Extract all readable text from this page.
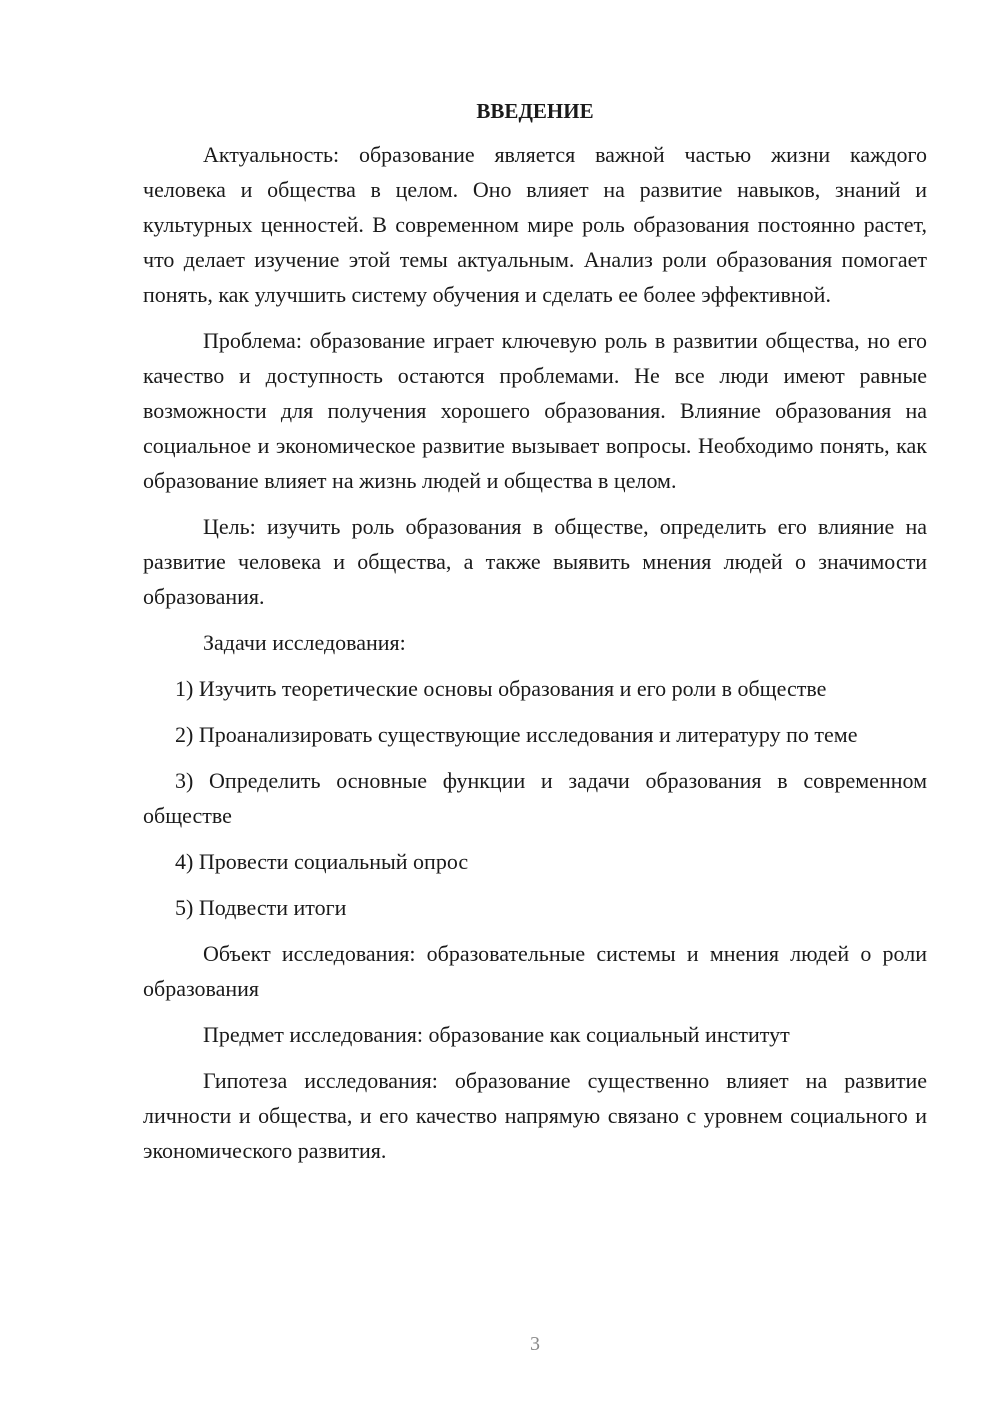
ВВЕДЕНИЕ

Актуальность: образование является важной частью жизни каждого человека и общества в целом. Оно влияет на развитие навыков, знаний и культурных ценностей. В современном мире роль образования постоянно растет, что делает изучение этой темы актуальным. Анализ роли образования помогает понять, как улучшить систему обучения и сделать ее более эффективной.

Проблема: образование играет ключевую роль в развитии общества, но его качество и доступность остаются проблемами. Не все люди имеют равные возможности для получения хорошего образования. Влияние образования на социальное и экономическое развитие вызывает вопросы. Необходимо понять, как образование влияет на жизнь людей и общества в целом.

Цель: изучить роль образования в обществе, определить его влияние на развитие человека и общества, а также выявить мнения людей о значимости образования.

Задачи исследования:

1) Изучить теоретические основы образования и его роли в обществе

2) Проанализировать существующие исследования и литературу по теме

3) Определить основные функции и задачи образования в современном обществе

4) Провести социальный опрос

5) Подвести итоги

Объект исследования: образовательные системы и мнения людей о роли образования

Предмет исследования: образование как социальный институт

Гипотеза исследования: образование существенно влияет на развитие личности и общества, и его качество напрямую связано с уровнем социального и экономического развития.

3
